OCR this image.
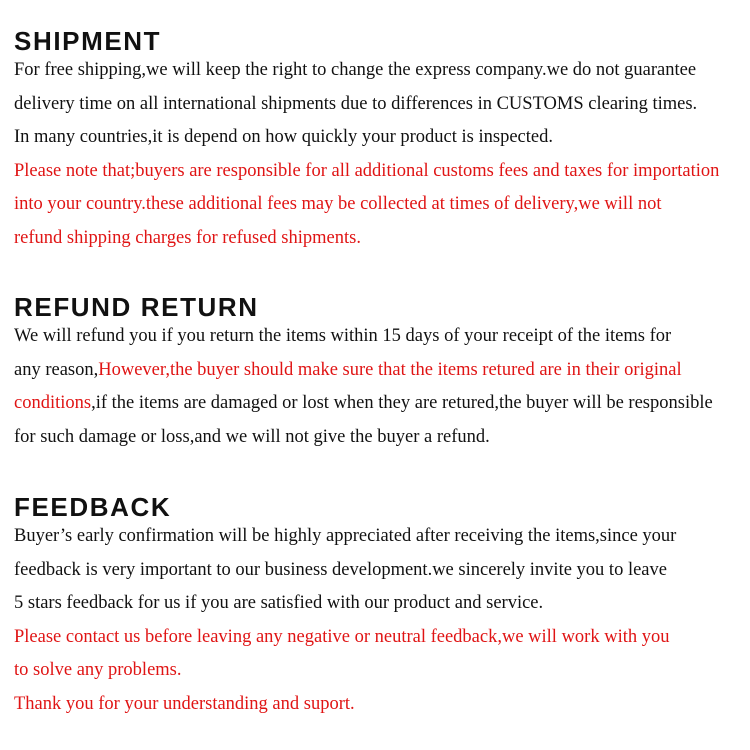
SHIPMENT
For free shipping,we will keep the right to change the express company.we do not guarantee
delivery time on all international shipments due to differences in CUSTOMS clearing times.
In many countries,it is depend on how quickly your product is inspected.
Please note that;buyers are responsible for all additional customs fees and taxes for importation
into your country.these additional fees may be collected at times of delivery,we will not
refund shipping charges for refused shipments.
REFUND RETURN
We will refund you if you return the items within 15 days of your receipt of the items for
any reason,However,the buyer should make sure that the items retured are in their original
conditions,if the items are damaged or lost when they are retured,the buyer will be responsible
for such damage or loss,and we will not give the buyer a refund.
FEEDBACK
Buyer’s early confirmation will be highly appreciated after receiving the items,since your
feedback is very important to our business development.we sincerely invite you to leave
5 stars feedback for us if you are satisfied with our product and service.
Please contact us before leaving any negative or neutral feedback,we will work with you
to solve any problems.
Thank you for your understanding and suport.
